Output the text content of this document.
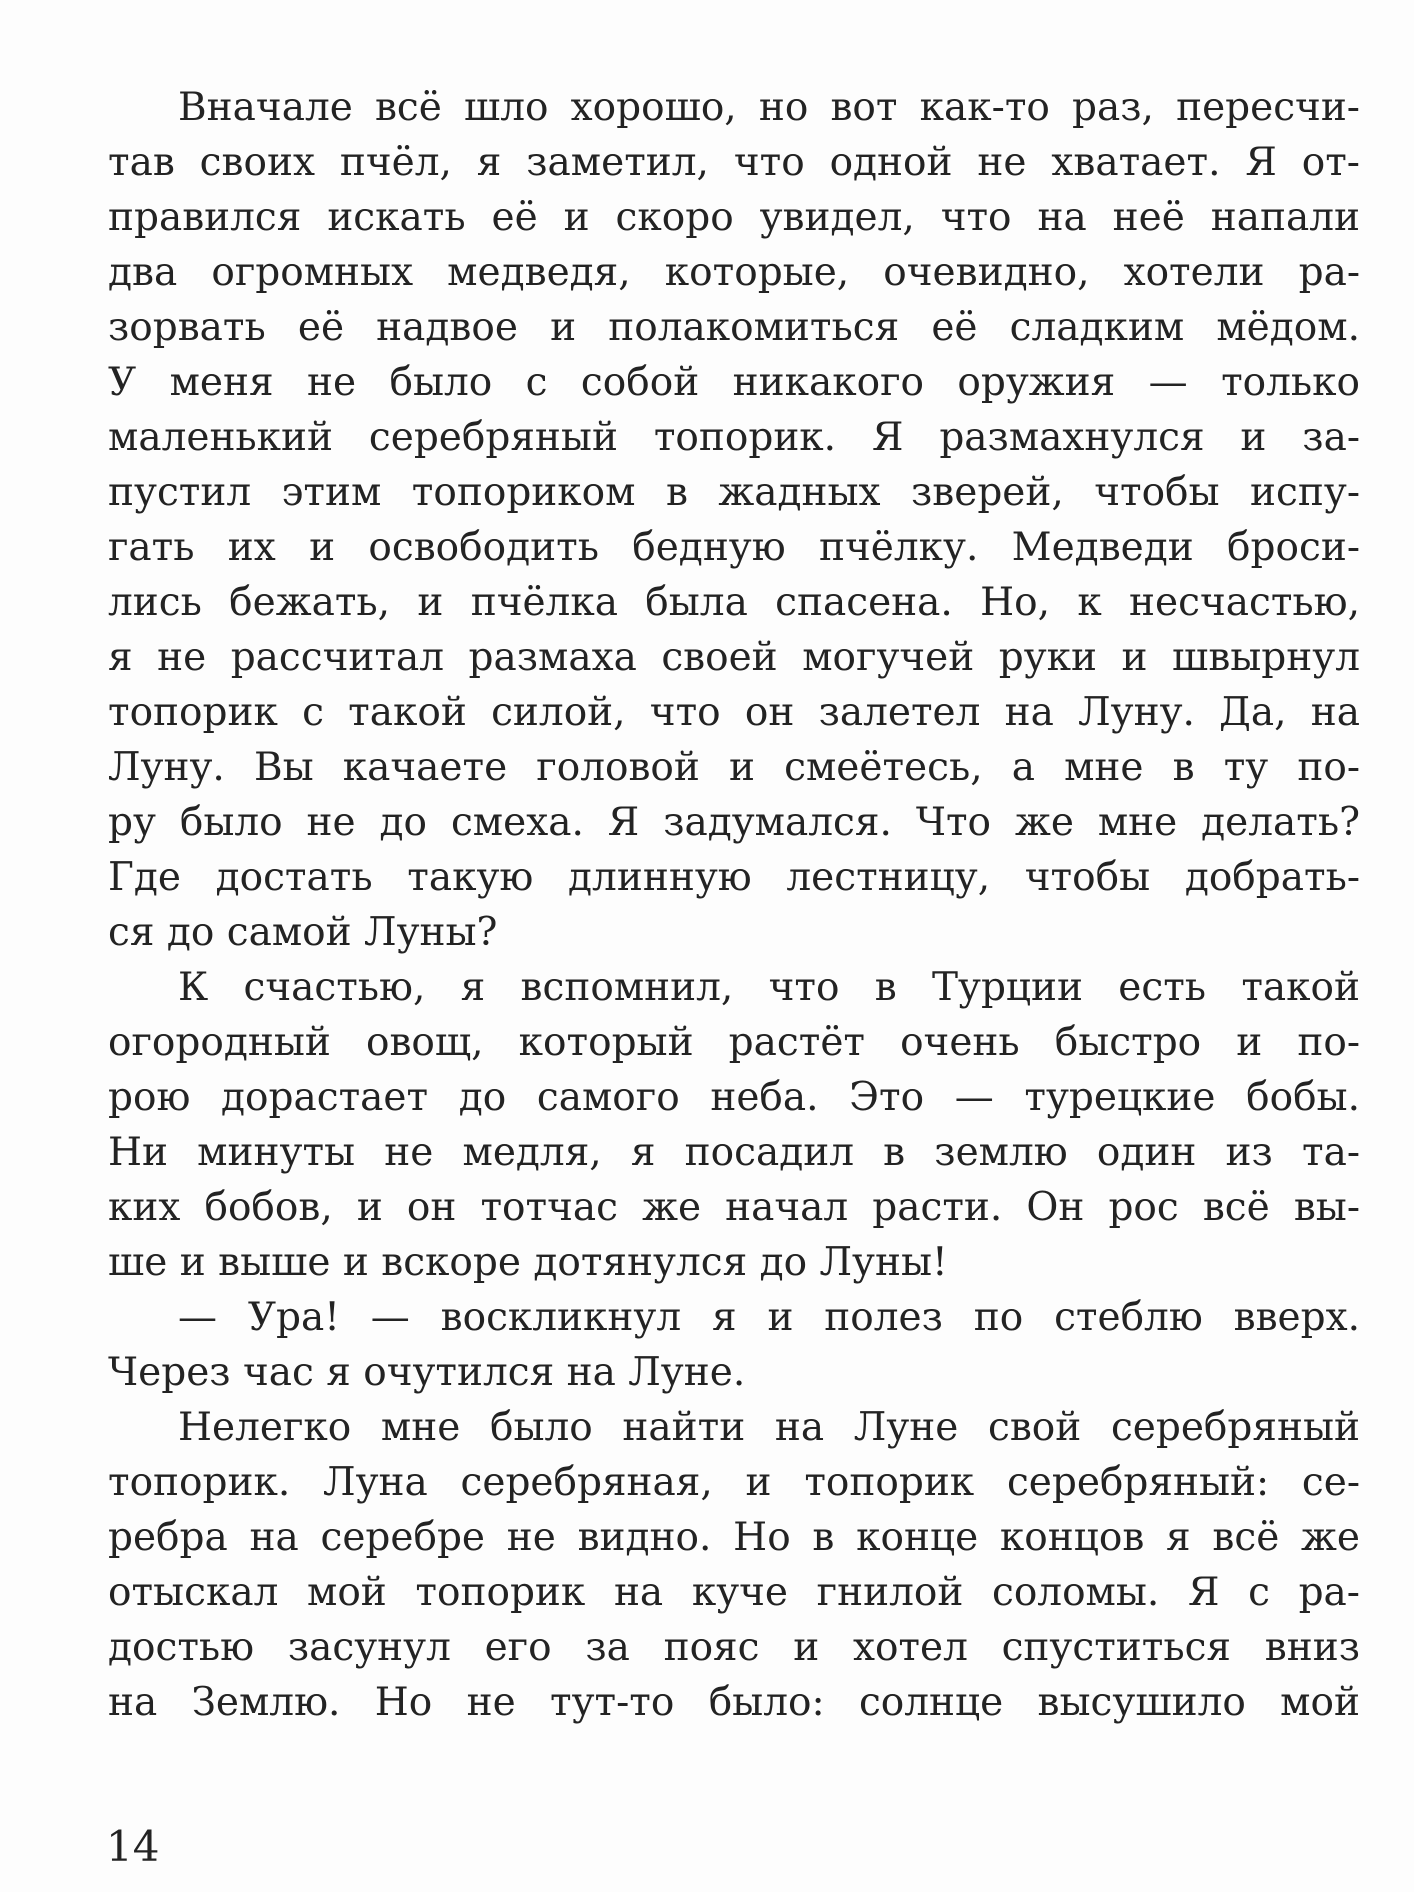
Вначале всё шло хорошо, но вот как-то раз, пересчи-
тав своих пчёл, я заметил, что одной не хватает. Я от-
правился искать её и скоро увидел, что на неё напали
два огромных медведя, которые, очевидно, хотели ра-
зорвать её надвое и полакомиться её сладким мёдом.
У меня не было с собой никакого оружия — только
маленький серебряный топорик. Я размахнулся и за-
пустил этим топориком в жадных зверей, чтобы испу-
гать их и освободить бедную пчёлку. Медведи броси-
лись бежать, и пчёлка была спасена. Но, к несчастью,
я не рассчитал размаха своей могучей руки и швырнул
топорик с такой силой, что он залетел на Луну. Да, на
Луну. Вы качаете головой и смеётесь, а мне в ту по-
ру было не до смеха. Я задумался. Что же мне делать?
Где достать такую длинную лестницу, чтобы добрать-
ся до самой Луны?
К счастью, я вспомнил, что в Турции есть такой
огородный овощ, который растёт очень быстро и по-
рою дорастает до самого неба. Это — турецкие бобы.
Ни минуты не медля, я посадил в землю один из та-
ких бобов, и он тотчас же начал расти. Он рос всё вы-
ше и выше и вскоре дотянулся до Луны!
— Ура! — воскликнул я и полез по стеблю вверх.
Через час я очутился на Луне.
Нелегко мне было найти на Луне свой серебряный
топорик. Луна серебряная, и топорик серебряный: се-
ребра на серебре не видно. Но в конце концов я всё же
отыскал мой топорик на куче гнилой соломы. Я с ра-
достью засунул его за пояс и хотел спуститься вниз
на Землю. Но не тут-то было: солнце высушило мой
14
